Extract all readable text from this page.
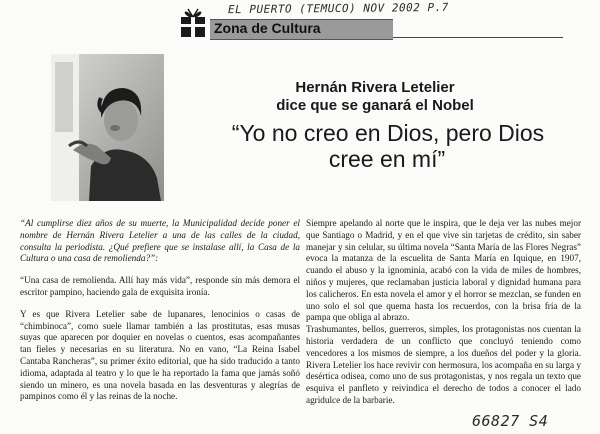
EL PUERTO (TEMUCO) NOV 2002 P.7
Zona de Cultura
Hernán Rivera Letelier
dice que se ganará el Nobel
“Yo no creo en Dios, pero Dios
cree en mí”

“Al cumplirse diez años de su muerte, la Municipalidad decide poner el nombre de Hernán Rivera Letelier a una de las calles de la ciudad, consulta la periodista. ¿Qué prefiere que se instalase allí, la Casa de la Cultura o una casa de remolienda?”:

“Una casa de remolienda. Allí hay más vida”, responde sin más demora el escritor pampino, haciendo gala de exquisita ironía.

Y es que Rivera Letelier sabe de lupanares, lenocinios o casas de “chimbinoca”, como suele llamar también a las prostitutas, esas musas suyas que aparecen por doquier en novelas o cuentos, esas acompañantes tan fieles y necesarias en su literatura. No en vano, “La Reina Isabel Cantaba Rancheras”, su primer éxito editorial, que ha sido traducido a tanto idioma, adaptada al teatro y lo que le ha reportado la fama que jamás soñó siendo un minero, es una novela basada en las desventuras y alegrías de pampinos como él y las reinas de la noche.

Siempre apelando al norte que le inspira, que le deja ver las nubes mejor que Santiago o Madrid, y en el que vive sin tarjetas de crédito, sin saber manejar y sin celular, su última novela “Santa María de las Flores Negras” evoca la matanza de la escuelita de Santa María en Iquique, en 1907, cuando el abuso y la ignominia, acabó con la vida de miles de hombres, niños y mujeres, que reclamaban justicia laboral y dignidad humana para los calicheros. En esta novela el amor y el horror se mezclan, se funden en uno solo el sol que quema hasta los recuerdos, con la brisa fría de la pampa que obliga al abrazo.

Trashumantes, bellos, guerreros, simples, los protagonistas nos cuentan la historia verdadera de un conflicto que concluyó teniendo como vencedores a los mismos de siempre, a los dueños del poder y la gloria. Rivera Letelier los hace revivir con hermosura, los acompaña en su larga y desértica odisea, como uno de sus protagonistas, y nos regala un texto que esquiva el panfleto y reivindica el derecho de todos a conocer el lado agridulce de la barbarie.

66827 S4
